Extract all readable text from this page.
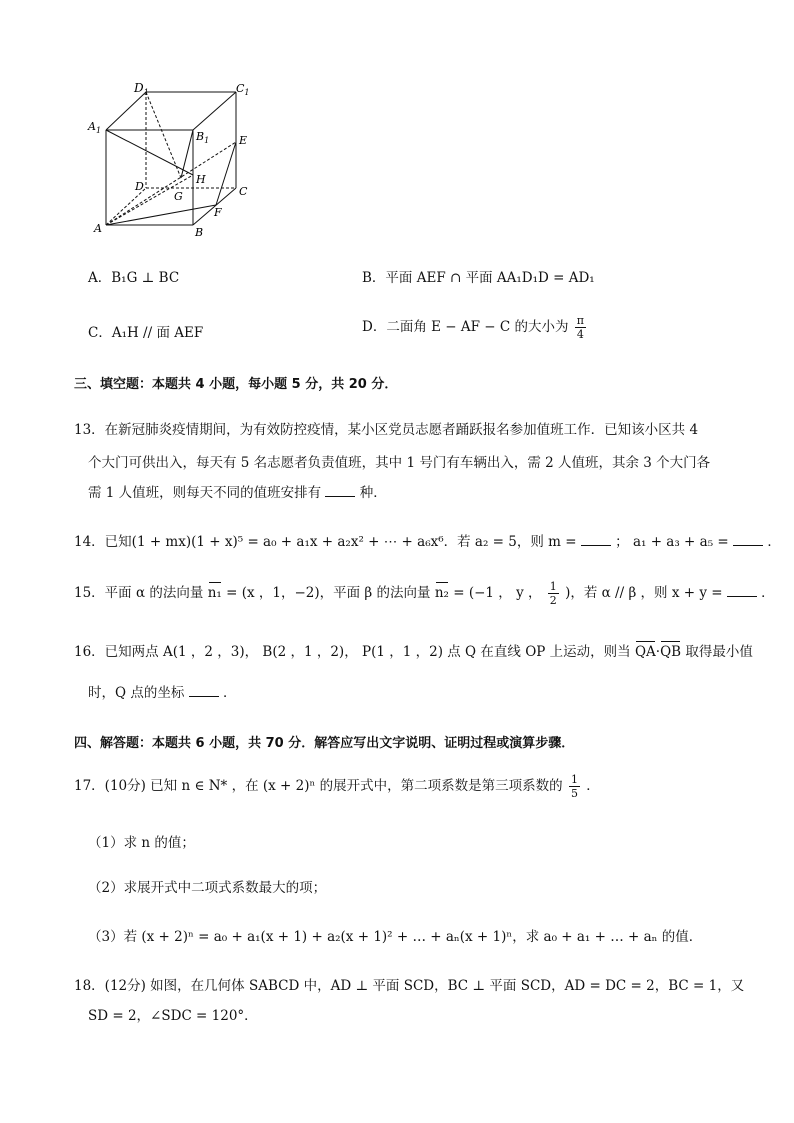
$D_1$	$C_1$
$A_1$	$B_1$	E
D
H
G	C
A
F
B
A．B₁G ⊥ BC	B．平面 AEF ∩ 平面 AA₁D₁D = AD₁
C．A₁H // 面 AEF	D．二面角 E − AF − C 的大小为 $\frac{\pi}{4}$
三、填空题：本题共 4 小题，每小题 5 分，共 20 分．
13．在新冠肺炎疫情期间，为有效防控疫情，某小区党员志愿者踊跃报名参加值班工作．已知该小区共 4
个大门可供出入，每天有 5 名志愿者负责值班，其中 1 号门有车辆出入，需 2 人值班，其余 3 个大门各
需 1 人值班，则每天不同的值班安排有	种．
14．已知(1 + mx)(1 + x)⁵ = a₀ + a₁x + a₂x² + ⋯ + a₆x⁶．若 a₂ = 5，则 m =	； a₁ + a₃ + a₅ =	．
15．平面 α 的法向量 n₁ = (x ，1，−2)，平面 β 的法向量 n₂ = (−1 ， y ， $\frac{1}{2}$ )，若 α // β ，则 x + y =	．
16．已知两点 A(1 ，2 ，3)， B(2 ，1 ，2)， P(1 ，1 ，2) 点 Q 在直线 OP 上运动，则当 QA·QB 取得最小值
时，Q 点的坐标	．
四、解答题：本题共 6 小题，共 70 分．解答应写出文字说明、证明过程或演算步骤．
17．(10分) 已知 n ∈ N* ，在 (x + 2)ⁿ 的展开式中，第二项系数是第三项系数的 $\frac{1}{5}$ ．
（1）求 n 的值；
（2）求展开式中二项式系数最大的项；
（3）若 (x + 2)ⁿ = a₀ + a₁(x + 1) + a₂(x + 1)² + … + aₙ(x + 1)ⁿ，求 a₀ + a₁ + … + aₙ 的值．
18．(12分) 如图，在几何体 SABCD 中，AD ⊥ 平面 SCD，BC ⊥ 平面 SCD，AD = DC = 2，BC = 1，又
SD = 2，∠SDC = 120°．
